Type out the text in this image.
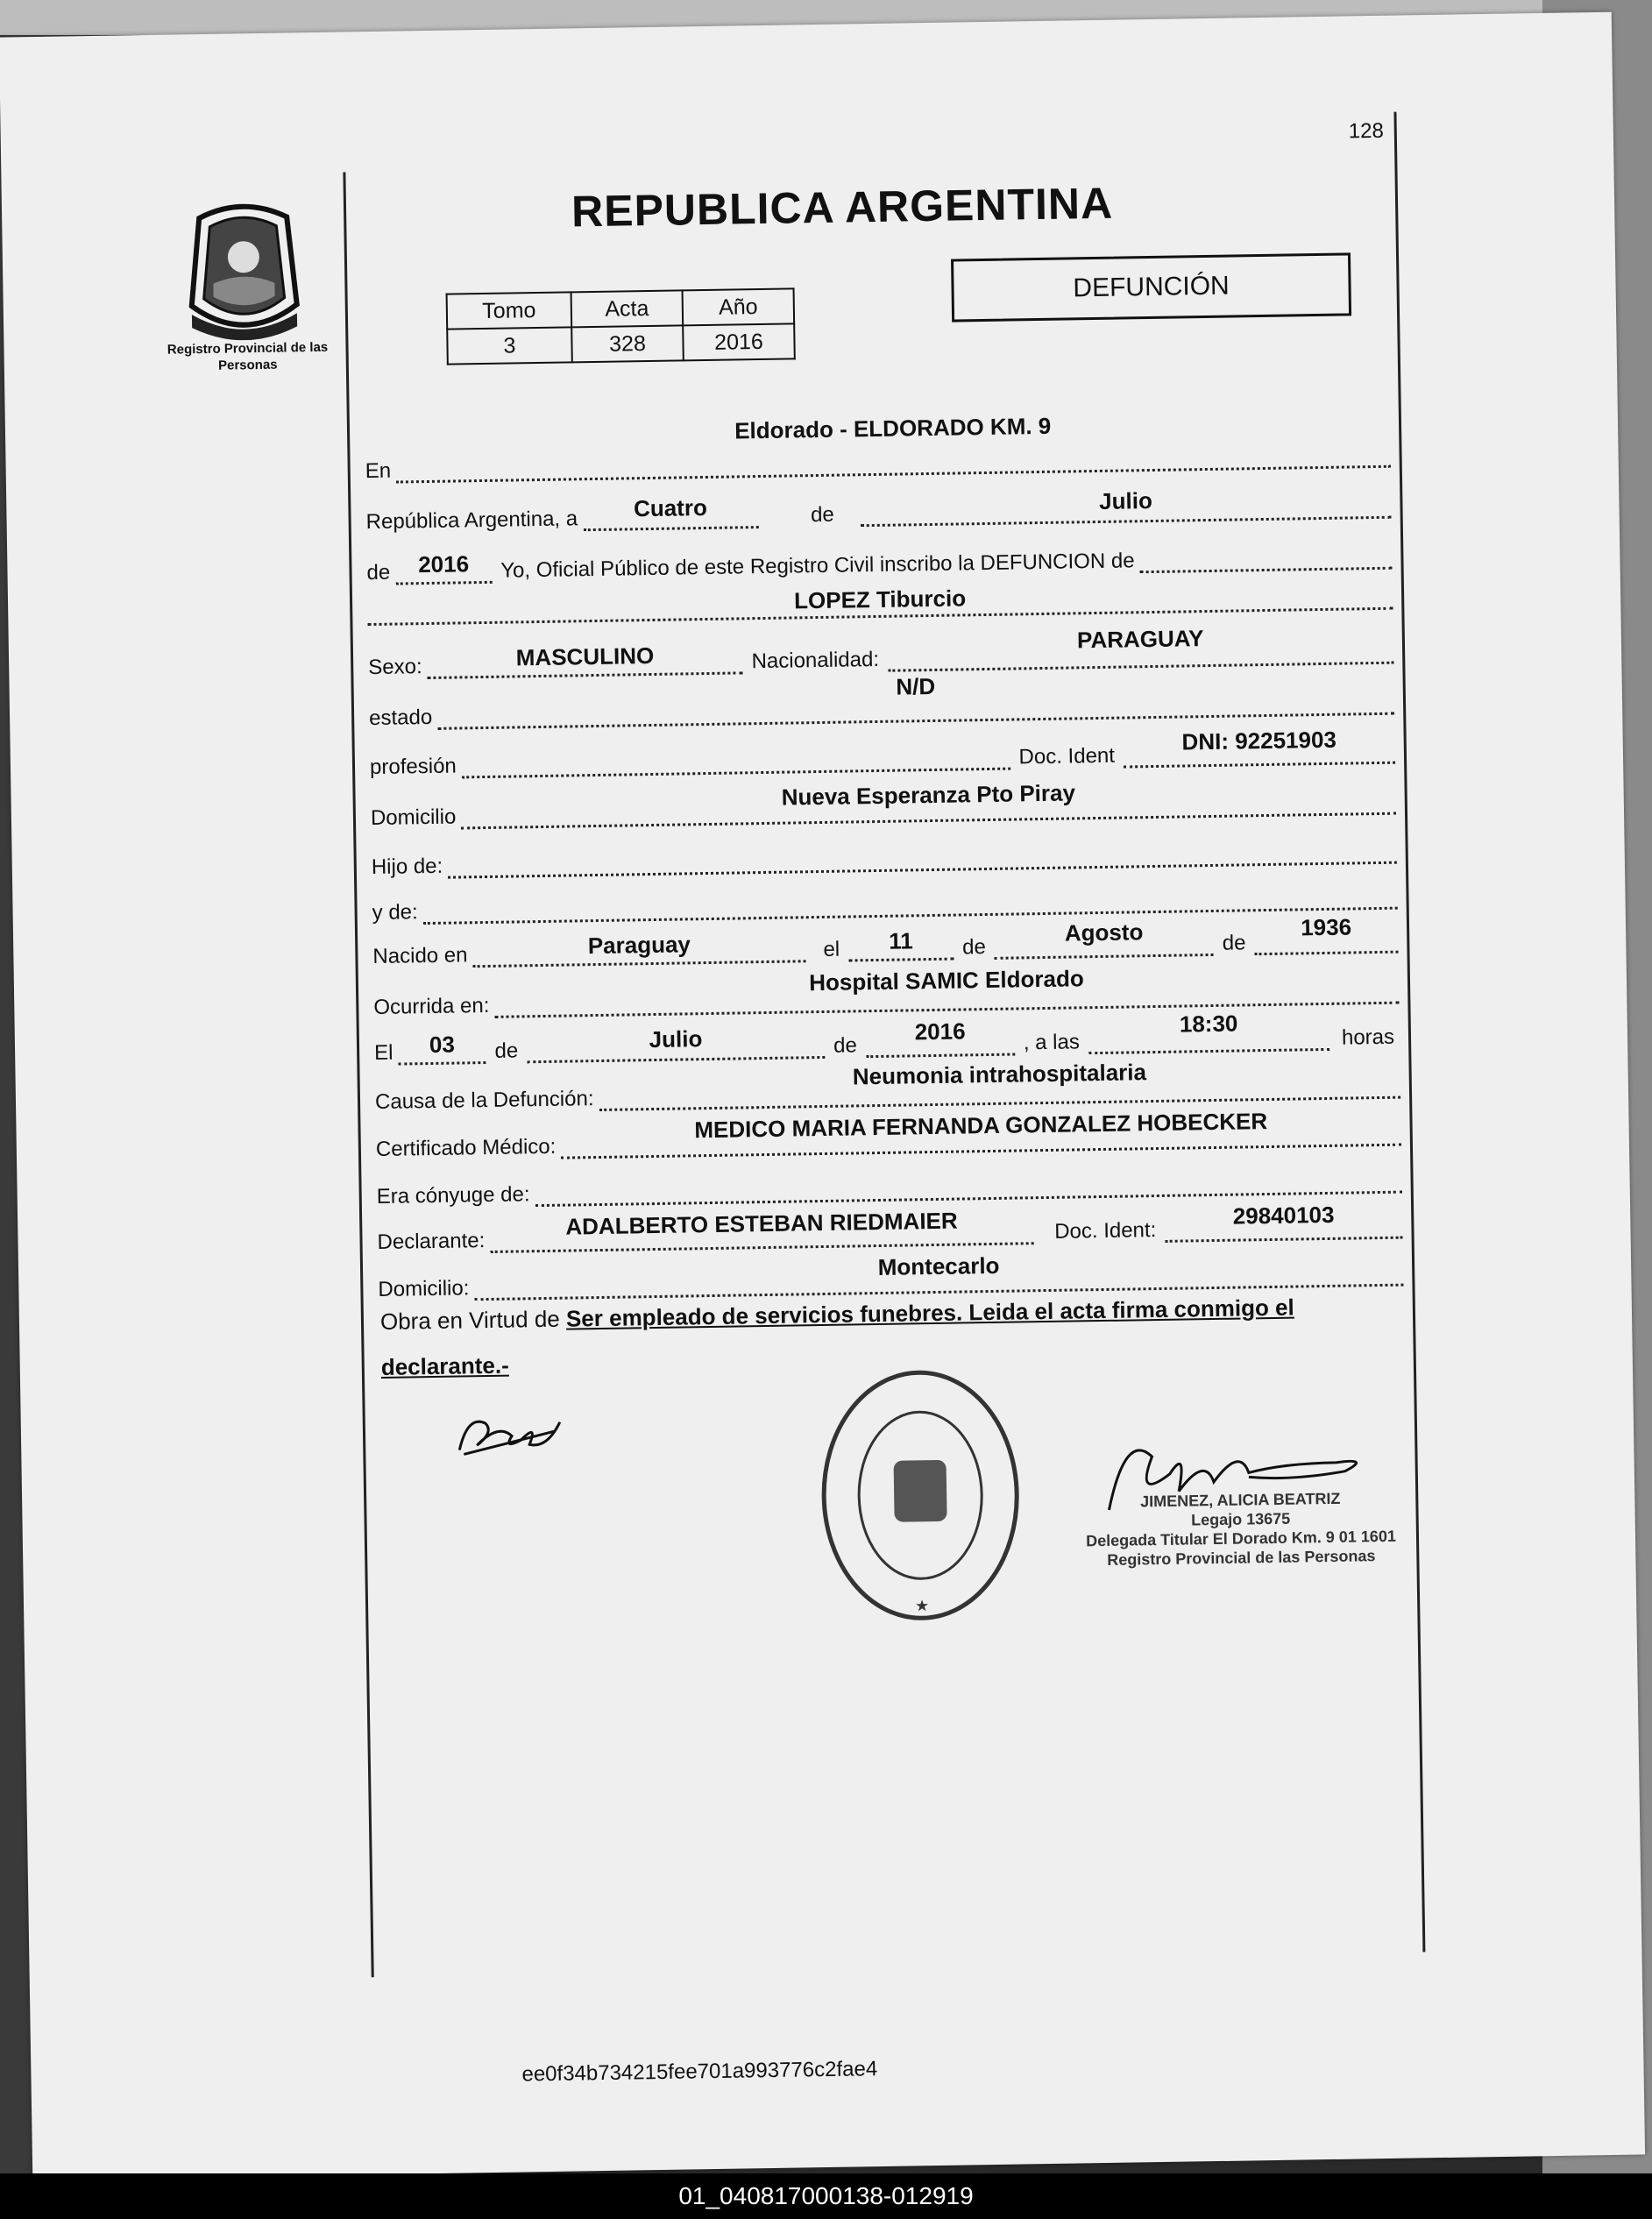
128
Registro Provincial de las Personas
REPUBLICA ARGENTINA
Tomo	Acta	Año
3	328	2016
DEFUNCIÓN
En
Eldorado - ELDORADO KM. 9
República Argentina, a	Cuatro	de
Julio
de	2016	Yo, Oficial Público de este Registro Civil inscribo la DEFUNCION de
LOPEZ Tiburcio
Sexo:	MASCULINO	Nacionalidad:
PARAGUAY
estado
N/D
profesión	Doc. Ident
DNI: 92251903
Domicilio
Nueva Esperanza Pto Piray
Hijo de:
y de:
Nacido en	Paraguay	el	11	de
Agosto	de
1936
Ocurrida en:
Hospital SAMIC Eldorado
El	03	de	Julio	de
2016	, a las
18:30
horas
Causa de la Defunción:
Neumonia intrahospitalaria
Certificado Médico:
MEDICO MARIA FERNANDA GONZALEZ HOBECKER
Era cónyuge de:
Declarante:
ADALBERTO ESTEBAN RIEDMAIER	Doc. Ident:
29840103
Domicilio:
Montecarlo
Obra en Virtud de Ser empleado de servicios funebres. Leida el acta firma conmigo el declarante.-
★
JIMENEZ, ALICIA BEATRIZ
Legajo 13675
Delegada Titular El Dorado Km. 9 01 1601
Registro Provincial de las Personas
ee0f34b734215fee701a993776c2fae4
01_040817000138-012919
